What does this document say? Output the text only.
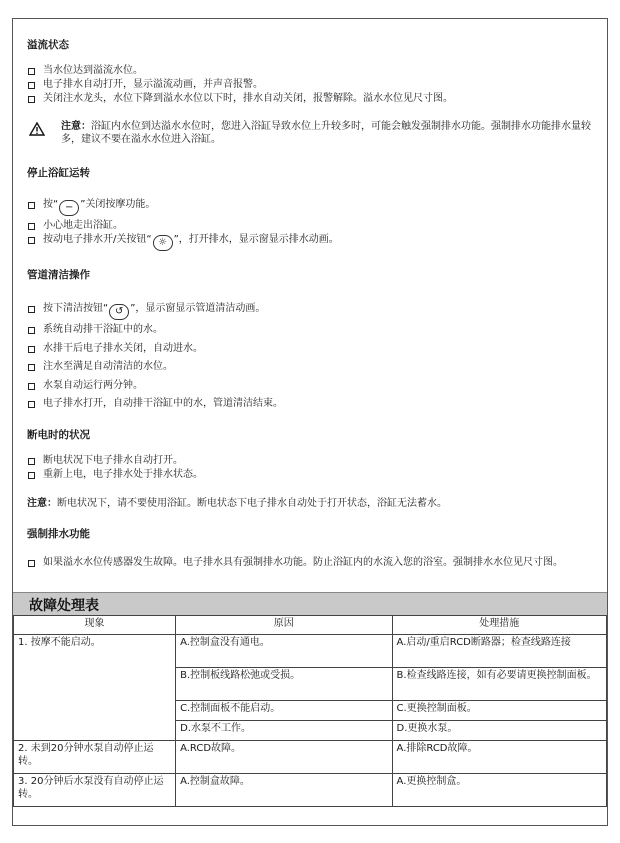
溢流状态
当水位达到溢流水位。
电子排水自动打开，显示溢流动画，并声音报警。
关闭注水龙头，水位下降到溢水水位以下时，排水自动关闭，报警解除。溢水水位见尺寸图。
注意：浴缸内水位到达溢水水位时，您进入浴缸导致水位上升较多时，可能会触发强制排水功能。强制排水功能排水量较多，建议不要在溢水水位进入浴缸。
停止浴缸运转
按“ − ”关闭按摩功能。
小心地走出浴缸。
按动电子排水开/关按钮“ ☼ ”，打开排水，显示窗显示排水动画。
管道清洁操作
按下清洁按钮“ ↺ ”，显示窗显示管道清洁动画。
系统自动排干浴缸中的水。
水排干后电子排水关闭，自动进水。
注水至满足自动清洁的水位。
水泵自动运行两分钟。
电子排水打开，自动排干浴缸中的水，管道清洁结束。
断电时的状况
断电状况下电子排水自动打开。
重新上电，电子排水处于排水状态。
注意：断电状况下，请不要使用浴缸。断电状态下电子排水自动处于打开状态，浴缸无法蓄水。
强制排水功能
如果溢水水位传感器发生故障。电子排水具有强制排水功能。防止浴缸内的水流入您的浴室。强制排水水位见尺寸图。
故障处理表
现象	原因	处理措施
1. 按摩不能启动。	A.控制盒没有通电。	A.启动/重启RCD断路器；检查线路连接
	B.控制板线路松弛或受损。	B.检查线路连接，如有必要请更换控制面板。
	C.控制面板不能启动。	C.更换控制面板。
	D.水泵不工作。	D.更换水泵。
2. 未到20分钟水泵自动停止运转。	A.RCD故障。	A.排除RCD故障。
3. 20分钟后水泵没有自动停止运转。	A.控制盒故障。	A.更换控制盒。
